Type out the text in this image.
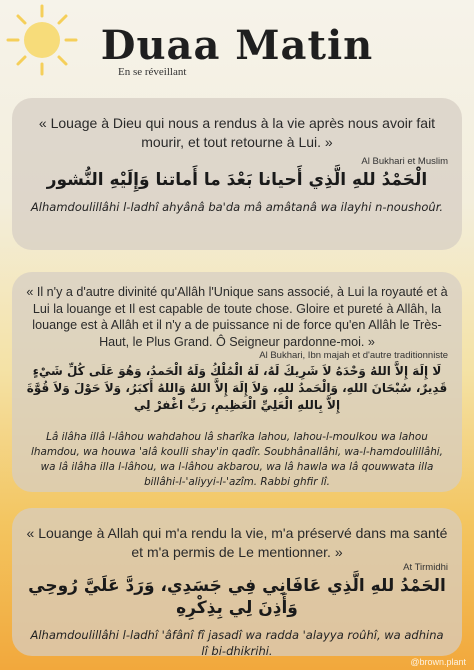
Duaa Matin
En se réveillant

« Louage à Dieu qui nous a rendus à la vie après nous avoir fait mourir, et tout retourne à Lui. »

Al Bukhari et Muslim

الْحَمْدُ للهِ الَّذِي أَحيانا بَعْدَ ما أَماتنا وَإِلَيْهِ النُّشور

Alhamdoulillâhi l-ladhî ahyânâ ba'da mâ amâtanâ wa ilayhi n-noushoûr.

« Il n'y a d'autre divinité qu'Allâh l'Unique sans associé, à Lui la royauté et à Lui la louange et Il est capable de toute chose. Gloire et pureté à Allâh, la louange est à Allâh et il n'y a de puissance ni de force qu'en Allâh le Très-Haut, le Plus Grand. Ô Seigneur pardonne-moi. »

Al Bukhari, Ibn majah et d'autre traditionniste

لَا إِلَهَ إِلاَّ اللهُ وَحْدَهُ لاَ شَرِيكَ لَهُ، لَهُ الْمُلْكُ وَلَهُ الْحَمدُ، وَهُوَ عَلَى كُلِّ شَيْءٍ قَدِيرٌ، سُبْحَانَ اللهِ، وَالْحَمدُ للهِ، وَلاَ إِلَهَ إِلاَّ اللهُ وَاللهُ أَكبَرُ، وَلاَ حَوْلَ وَلاَ قُوَّةَ إِلاَّ بِاللهِ الْعَلِيِّ الْعَظِيمِ، رَبِّ اغْفرْ لِي

Lâ ilâha illâ l-lâhou wahdahou lâ sharîka lahou, lahou-l-moulkou wa lahou lhamdou, wa houwa 'alâ koulli shay'in qadîr. Soubhânallâhi, wa-l-hamdoulillâhi, wa lâ ilâha illa l-lâhou, wa l-lâhou akbarou, wa lâ hawla wa lâ qouwwata illa billâhi-l-'aliyyi-l-'azîm. Rabbi ghfir lî.

« Louange à Allah qui m'a rendu la vie, m'a préservé dans ma santé et m'a permis de Le mentionner. »

At Tirmidhi

الحَمْدُ للهِ الَّذِي عَافَانِي فِي جَسَدِي، وَرَدَّ عَلَيَّ رُوحِي وَأَذِنَ لِي بِذِكْرِهِ

Alhamdoulillâhi l-ladhî 'âfânî fî jasadî wa radda 'alayya roûhî, wa adhina lî bi-dhikrihi.

@brown.plant
